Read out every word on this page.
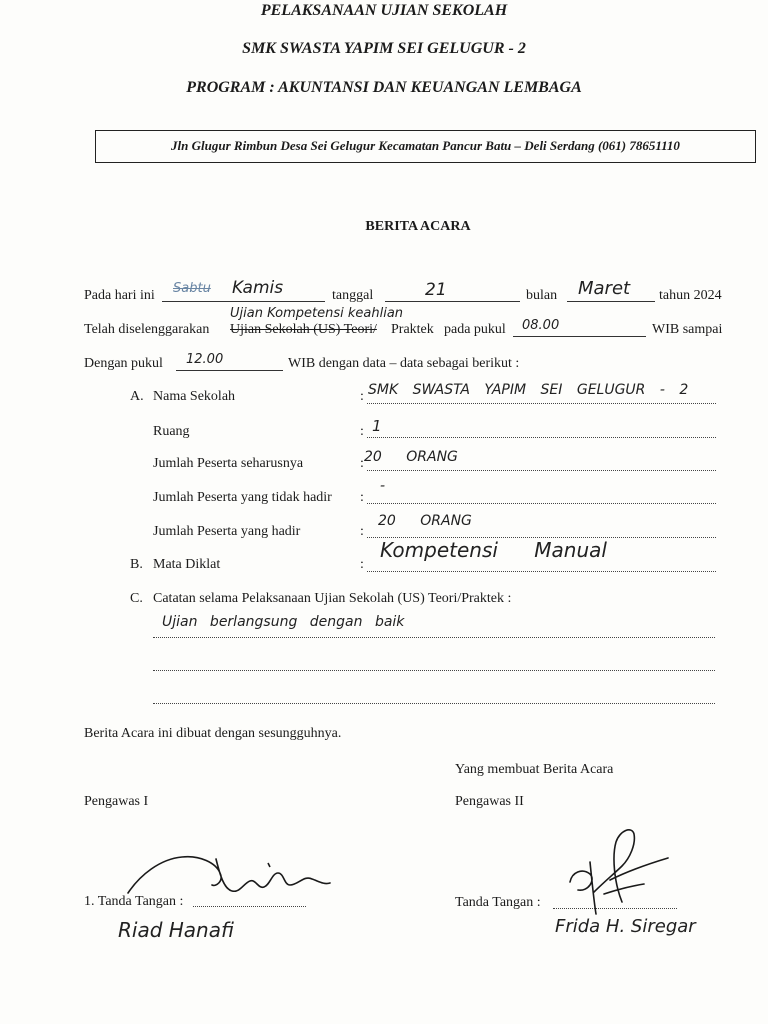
PELAKSANAAN UJIAN SEKOLAH
SMK SWASTA YAPIM SEI GELUGUR - 2
PROGRAM : AKUNTANSI DAN KEUANGAN LEMBAGA
Jln Glugur Rimbun Desa Sei Gelugur Kecamatan Pancur Batu – Deli Serdang (061) 78651110
BERITA ACARA
Pada hari ini Sabtu Kamis	tanggal	21	bulan Maret tahun 2024
Telah diselenggarakan Ujian Sekolah (US) Teori/ Praktek
Ujian Kompetensi keahlian
pada pukul 08.00	WIB sampai
Dengan pukul 12.00	WIB dengan data – data sebagai berikut :
A. Nama Sekolah	: SMK SWASTA YAPIM SEI GELUGUR - 2
Ruang	: 1
Jumlah Peserta seharusnya	: 20 ORANG
Jumlah Peserta yang tidak hadir :
-
Jumlah Peserta yang hadir	:
20 ORANG
B. Mata Diklat	:
Kompetensi Manual
C. Catatan selama Pelaksanaan Ujian Sekolah (US) Teori/Praktek :
Ujian berlangsung dengan baik
Berita Acara ini dibuat dengan sesungguhnya.
Yang membuat Berita Acara
Pengawas I	Pengawas II
1. Tanda Tangan :	Tanda Tangan :
Riad Hanafi	Frida H. Siregar
